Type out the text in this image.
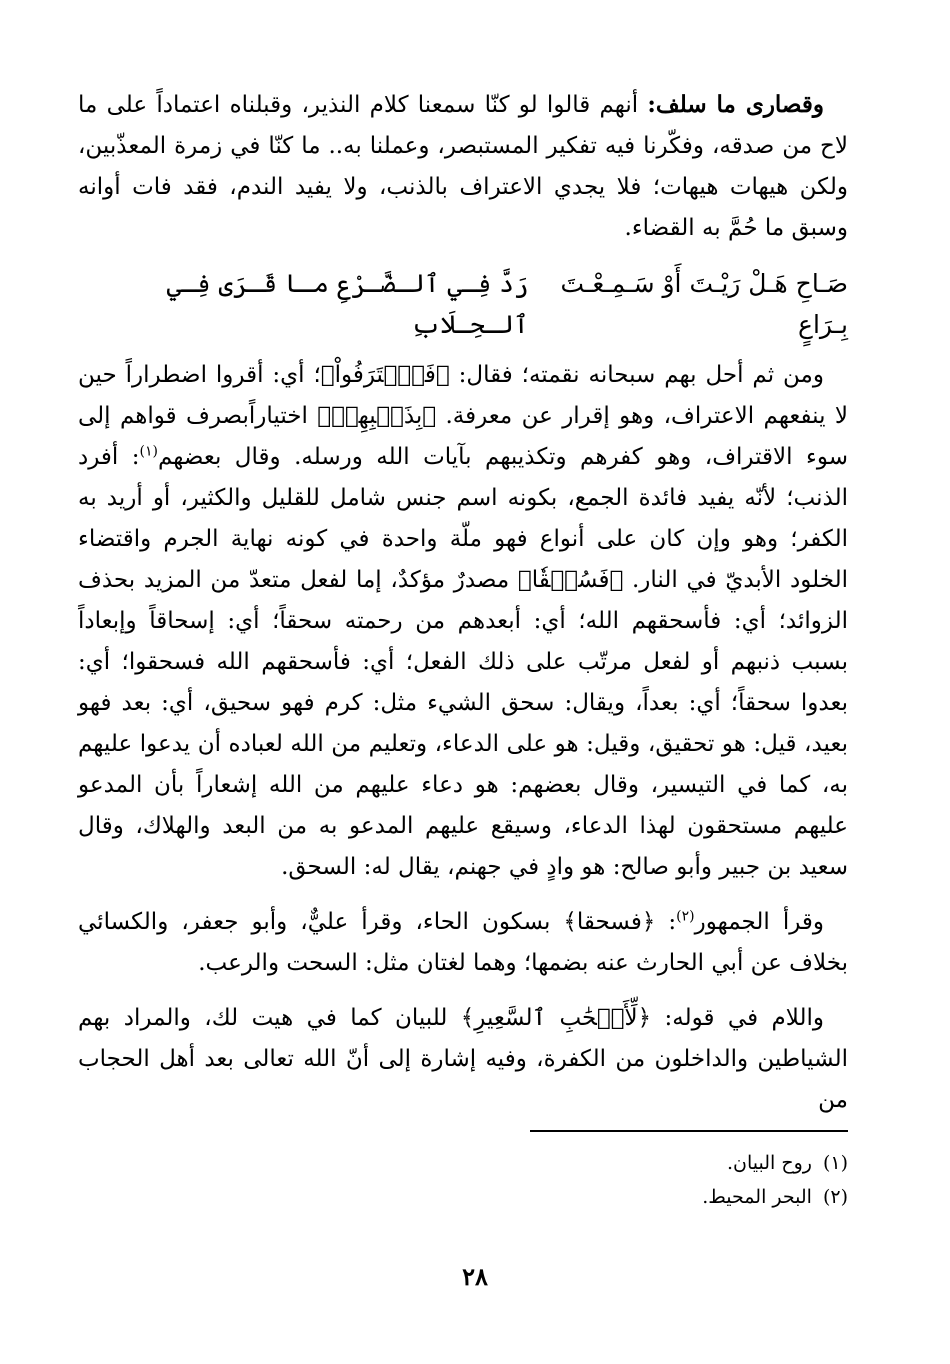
وقصارى ما سلف: أنهم قالوا لو كنّا سمعنا كلام النذير، وقبلناه اعتماداً على ما لاح من صدقه، وفكّرنا فيه تفكير المستبصر، وعملنا به.. ما كنّا في زمرة المعذّبين، ولكن هيهات هيهات؛ فلا يجدي الاعتراف بالذنب، ولا يفيد الندم، فقد فات أوانه وسبق ما حُمَّ به القضاء.

صَـاحِ هَـلْ رَيْـتَ أَوْ سَـمِـعْـتَ بِـرَاعٍ
رَدَّ فِـي ٱلـضَّـرْعِ مـا قَـرَى فِـي ٱلـحِـلَابِ

ومن ثم أحل بهم سبحانه نقمته؛ فقال: ﴿فَٱعۡتَرَفُواْ﴾؛ أي: أقروا اضطراراً حين لا ينفعهم الاعتراف، وهو إقرار عن معرفة. ﴿بِذَنۢبِهِمۡ﴾ اختياراًبصرف قواهم إلى سوء الاقتراف، وهو كفرهم وتكذيبهم بآيات الله ورسله. وقال بعضهم$^{(١)}$: أفرد الذنب؛ لأنّه يفيد فائدة الجمع، بكونه اسم جنس شامل للقليل والكثير، أو أريد به الكفر؛ وهو وإن كان على أنواع فهو ملّة واحدة في كونه نهاية الجرم واقتضاء الخلود الأبديّ في النار. ﴿فَسُحۡقٗا﴾ مصدرٌ مؤكدٌ، إما لفعل متعدّ من المزيد بحذف الزوائد؛ أي: فأسحقهم الله؛ أي: أبعدهم من رحمته سحقاً؛ أي: إسحاقاً وإبعاداً بسبب ذنبهم أو لفعل مرتّب على ذلك الفعل؛ أي: فأسحقهم الله فسحقوا؛ أي: بعدوا سحقاً؛ أي: بعداً، ويقال: سحق الشيء مثل: كرم فهو سحيق، أي: بعد فهو بعيد، قيل: هو تحقيق، وقيل: هو على الدعاء، وتعليم من الله لعباده أن يدعوا عليهم به، كما في التيسير، وقال بعضهم: هو دعاء عليهم من الله إشعاراً بأن المدعو عليهم مستحقون لهذا الدعاء، وسيقع عليهم المدعو به من البعد والهلاك، وقال سعيد بن جبير وأبو صالح: هو وادٍ في جهنم، يقال له: السحق.

وقرأ الجمهور$^{(٢)}$: ﴿فسحقا﴾ بسكون الحاء، وقرأ عليٌّ، وأبو جعفر، والكسائي بخلاف عن أبي الحارث عنه بضمها؛ وهما لغتان مثل: السحت والرعب.

واللام في قوله: ﴿لِّأَصۡحَٰبِ ٱلسَّعِيرِ﴾ للبيان كما في هيت لك، والمراد بهم الشياطين والداخلون من الكفرة، وفيه إشارة إلى أنّ الله تعالى بعد أهل الحجاب من

(١) روح البيان.
(٢) البحر المحيط.
٢٨
